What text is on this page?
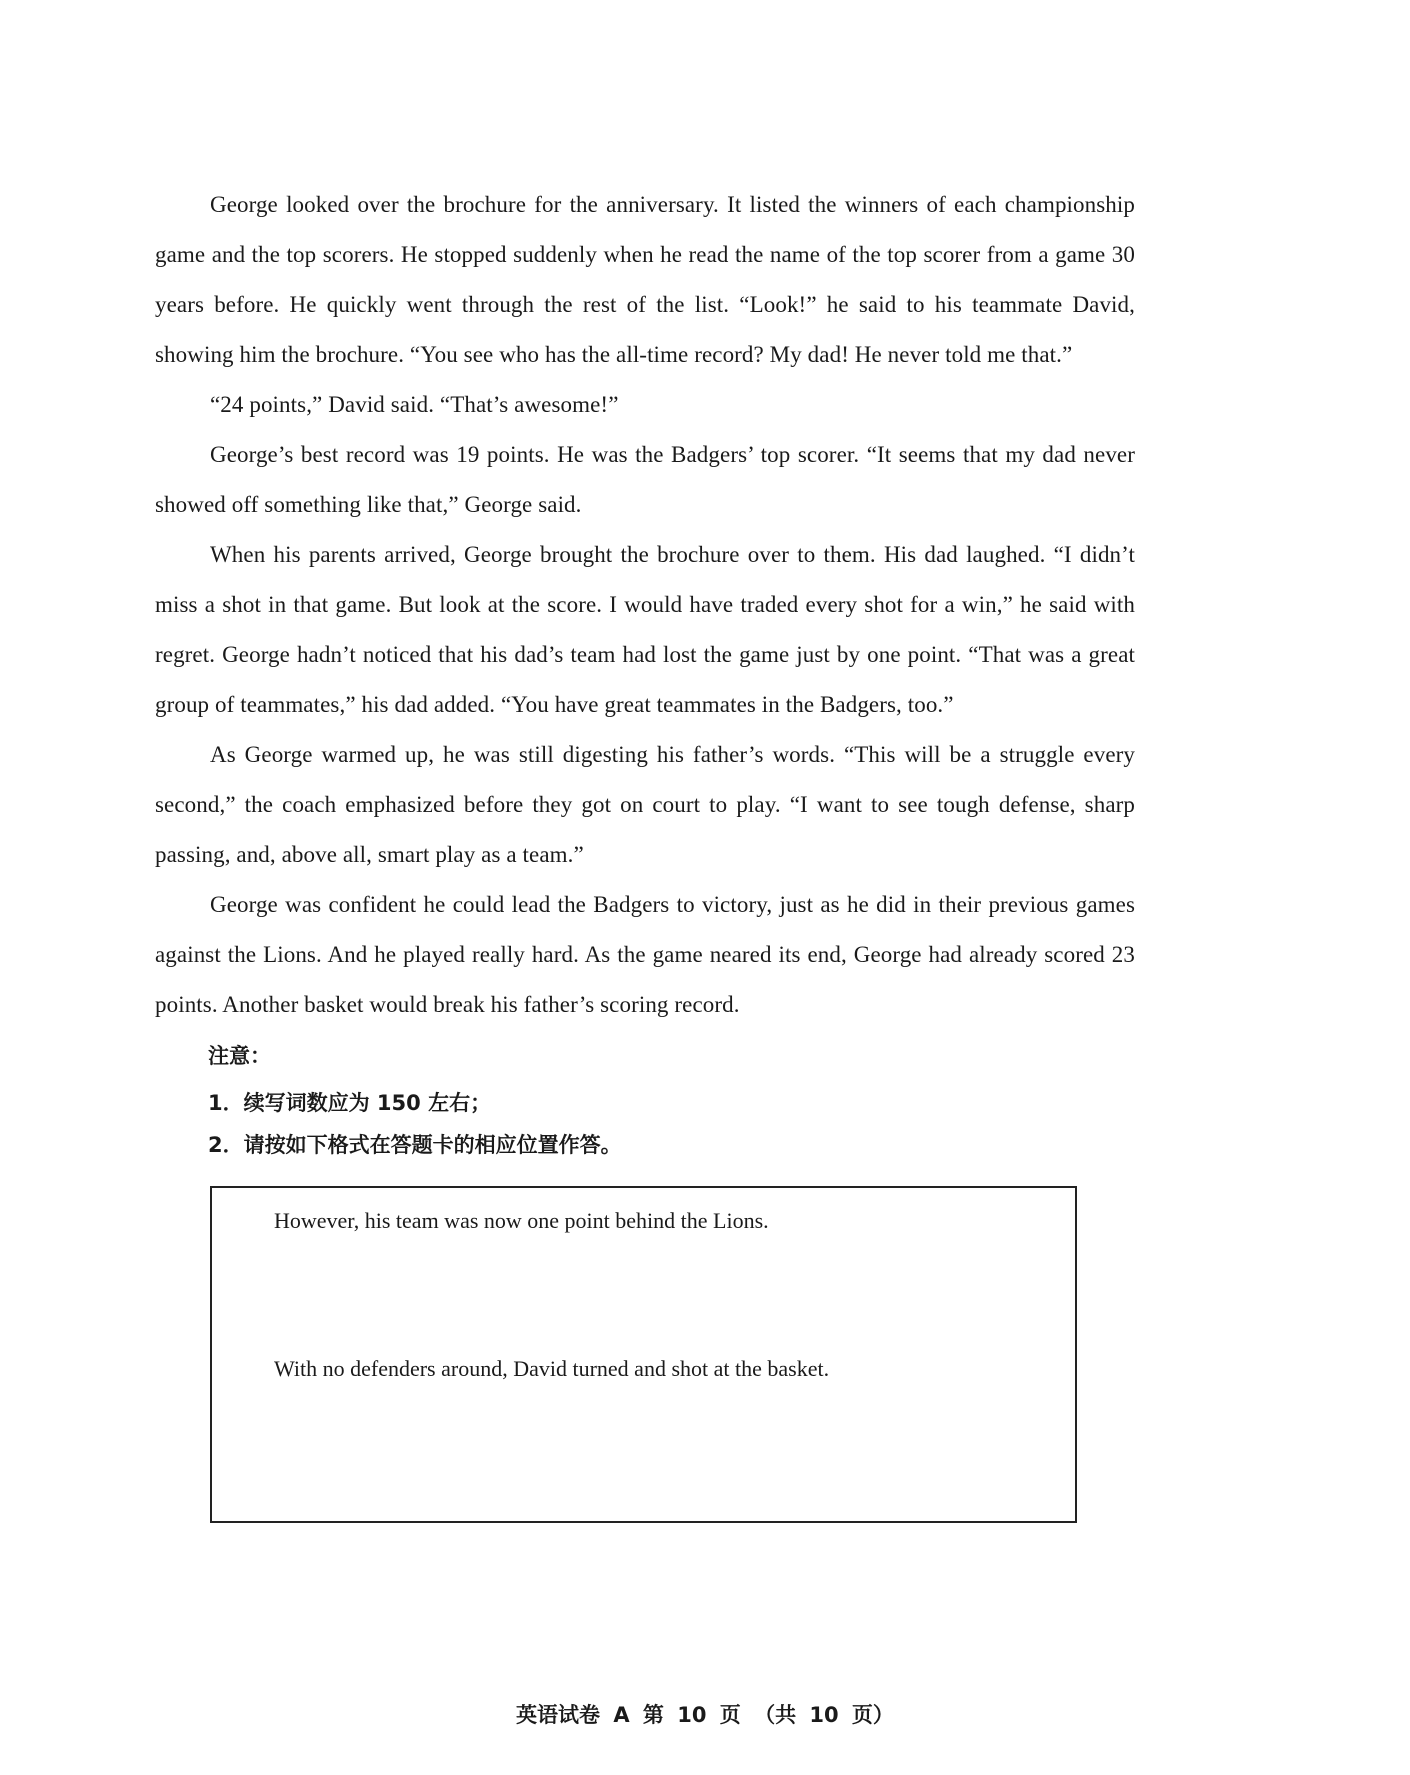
George looked over the brochure for the anniversary. It listed the winners of each championship game and the top scorers. He stopped suddenly when he read the name of the top scorer from a game 30 years before. He quickly went through the rest of the list. “Look!” he said to his teammate David, showing him the brochure. “You see who has the all-time record? My dad! He never told me that.”

“24 points,” David said. “That’s awesome!”

George’s best record was 19 points. He was the Badgers’ top scorer. “It seems that my dad never showed off something like that,” George said.

When his parents arrived, George brought the brochure over to them. His dad laughed. “I didn’t miss a shot in that game. But look at the score. I would have traded every shot for a win,” he said with regret. George hadn’t noticed that his dad’s team had lost the game just by one point. “That was a great group of teammates,” his dad added. “You have great teammates in the Badgers, too.”

As George warmed up, he was still digesting his father’s words. “This will be a struggle every second,” the coach emphasized before they got on court to play. “I want to see tough defense, sharp passing, and, above all, smart play as a team.”

George was confident he could lead the Badgers to victory, just as he did in their previous games against the Lions. And he played really hard. As the game neared its end, George had already scored 23 points. Another basket would break his father’s scoring record.

注意：

1．续写词数应为 150 左右；

2．请按如下格式在答题卡的相应位置作答。

However, his team was now one point behind the Lions.

With no defenders around, David turned and shot at the basket.

英语试卷 A 第 10 页 （共 10 页）
